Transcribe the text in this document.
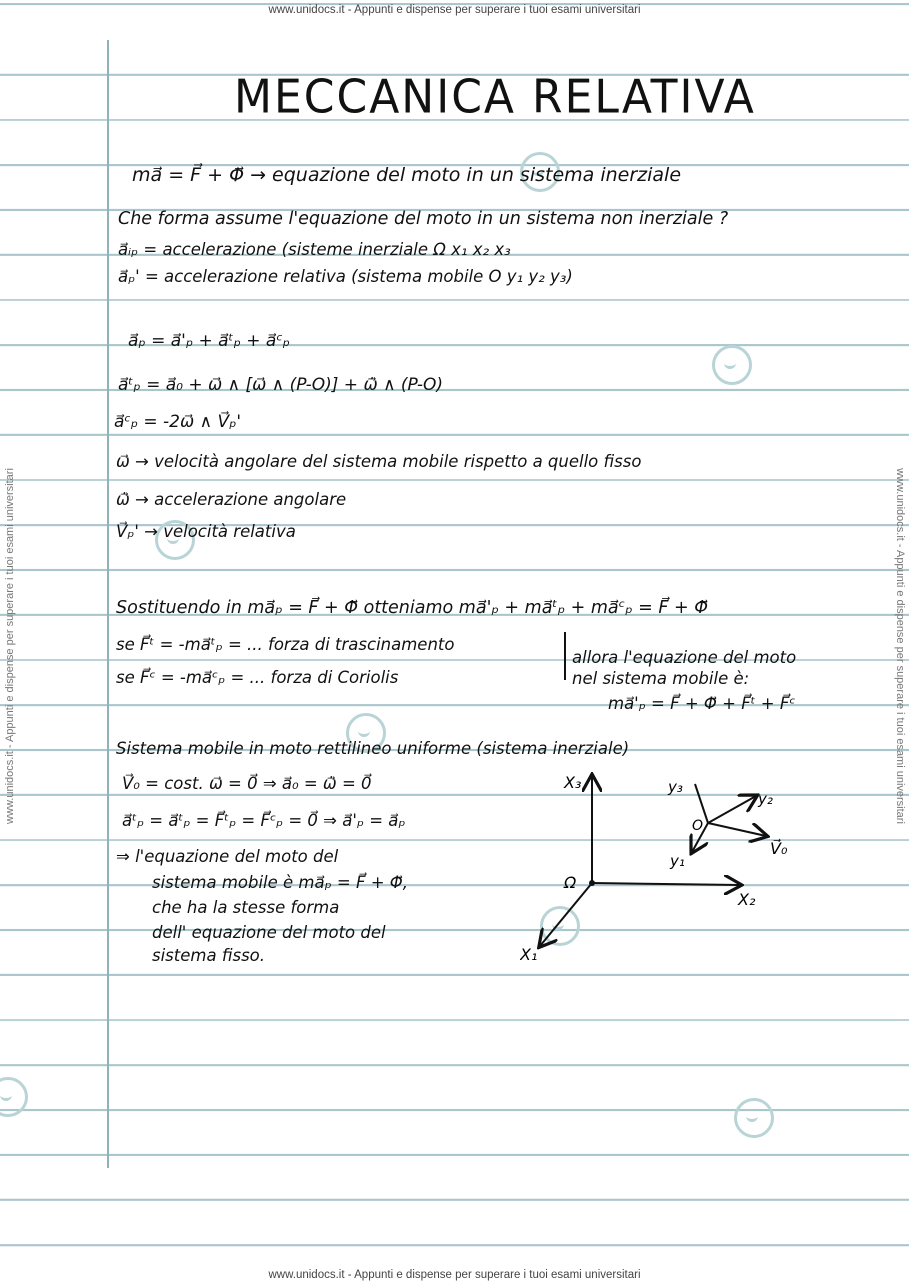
www.unidocs.it - Appunti e dispense per superare i tuoi esami universitari
www.unidocs.it - Appunti e dispense per superare i tuoi esami universitari
www.unidocs.it - Appunti e dispense per superare i tuoi esami universitari	www.unidocs.it - Appunti e dispense per superare i tuoi esami universitari
MECCANICA RELATIVA
ma⃗ = F⃗ + Φ⃗ → equazione del moto in un sistema inerziale
Che forma assume l'equazione del moto in un sistema non inerziale ?
a⃗ᵢₚ = accelerazione (sisteme inerziale Ω x₁ x₂ x₃
a⃗ₚ' = accelerazione relativa (sistema mobile O y₁ y₂ y₃)
a⃗ₚ = a⃗'ₚ + a⃗ᵗₚ + a⃗ᶜₚ
a⃗ᵗₚ = a⃗₀ + ω⃗ ∧ [ω⃗ ∧ (P-O)] + ω⃗̇ ∧ (P-O)
a⃗ᶜₚ = -2ω⃗ ∧ V⃗ₚ'
ω⃗ → velocità angolare del sistema mobile rispetto a quello fisso
ω⃗̇ → accelerazione angolare
V⃗ₚ' → velocità relativa
Sostituendo in ma⃗ₚ = F⃗ + Φ⃗ otteniamo ma⃗'ₚ + ma⃗ᵗₚ + ma⃗ᶜₚ = F⃗ + Φ⃗
se F⃗ᵗ = -ma⃗ᵗₚ = ... forza di trascinamento
se F⃗ᶜ = -ma⃗ᶜₚ = ... forza di Coriolis
allora l'equazione del moto
nel sistema mobile è:
ma⃗'ₚ = F⃗ + Φ⃗ + F⃗ᵗ + F⃗ᶜ
Sistema mobile in moto rettilineo uniforme (sistema inerziale)
V⃗₀ = cost. ω⃗ = 0⃗ ⇒ a⃗₀ = ω⃗̇ = 0⃗
a⃗ᵗₚ = a⃗ᵗₚ = F⃗ᵗₚ = F⃗ᶜₚ = 0⃗ ⇒ a⃗'ₚ = a⃗ₚ
⇒ l'equazione del moto del
sistema mobile è ma⃗ₚ = F⃗ + Φ⃗,
che ha la stesse forma
dell' equazione del moto del
sistema fisso.
X₃
X₂
X₁
Ω
y₃
y₂
y₁
O
V⃗₀
